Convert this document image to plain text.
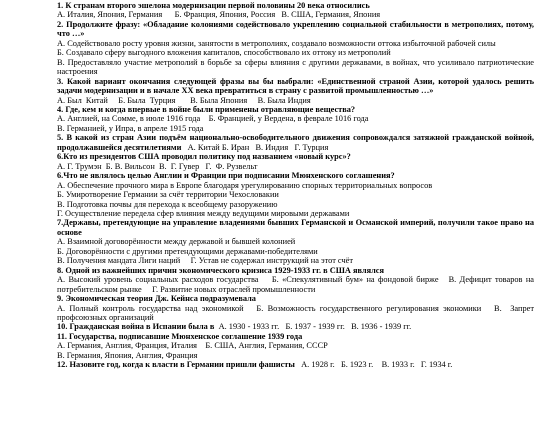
1. К странам второго эшелона модернизации первой половины 20 века относились
А. Италия, Япония, Германия      Б. Франция, Япония, Россия   В. США, Германия, Япония
2. Продолжите фразу: «Обладание колониями содействовало укреплению социальной стабильности в метрополиях, потому, что …»
А. Содействовало росту уровня жизни, занятости в метрополиях, создавало возможности оттока избыточной рабочей силы
Б. Создавало сферу выгодного вложения капиталов, способствовало их оттоку из метрополий
В. Предоставляло участие метрополий в борьбе за сферы влияния с другими державами, в войнах, что усиливало патриотические настроения
3. Какой вариант окончания следующей фразы вы бы выбрали: «Единственной страной Азии, которой удалось решить задачи модернизации и в начале ХХ века превратиться в страну с развитой промышленностью …»
А. Был  Китай     Б. Была  Турция       В. Была Япония     В. Была Индия
4. Где, кем и когда впервые в войне были применены отравляющие вещества?
А. Англией, на Сомме, в июле 1916 года    Б. Францией, у Вердена, в феврале 1016 года
В. Германией, у Ипра, в апреле 1915 года
5. В какой из стран Азии подъём национально-освободительного движения сопровождался затяжной гражданской войной, продолжавшейся десятилетиями   А. Китай Б. Иран   В. Индия   Г. Турция
6.Кто из президентов США проводил политику под названием «новый курс»?
А. Г. Трумэн  Б. В. Вильсон  В.  Г. Гувер   Г.  Ф. Рузвельт
6.Что не являлось целью Англии и Франции при подписании Мюнхенского соглашения?
А. Обеспечение прочного мира в Европе благодаря урегулированию спорных территориальных вопросов
Б. Умиротворение Германии за счёт территории Чехословакии
В. Подготовка почвы для перехода к всеобщему разоружению
Г. Осуществление передела сфер влияния между ведущими мировыми державами
7.Державы, претендующие на управление владениями бывших Германской и Османской империй, получили такое право на основе
А. Взаимной договорённости между державой и бывшей колонией
Б. Договорённости с другими претендующими державами-победителями
В. Получения мандата Лиги наций     Г. Устав не содержал инструкций на этот счёт
8. Одной из важнейших причин экономического кризиса 1929-1933 гг. в США являлся
А. Высокий уровень социальных расходов государства    Б. «Спекулятивный бум» на фондовой бирже   В. Дефицит товаров на потребительском рынке     Г. Развитие новых отраслей промышленности
9. Экономическая теория Дж. Кейнса подразумевала
А. Полный контроль государства над экономикой   Б. Возможность государственного регулирования экономики   В.  Запрет профсоюзных организаций
10. Гражданская война в Испании была в  А. 1930 - 1933 гг.   Б. 1937 - 1939 гг.   В. 1936 - 1939 гг.
11. Государства, подписавшие Мюнхенское соглашение 1939 года
А. Германия, Англия, Франция, Италия    Б. США, Англия, Германия, СССР
В. Германия, Япония, Англия, Франция
12. Назовите год, когда к власти в Германии пришли фашисты   А. 1928 г.   Б. 1923 г.    В. 1933 г.   Г. 1934 г.
